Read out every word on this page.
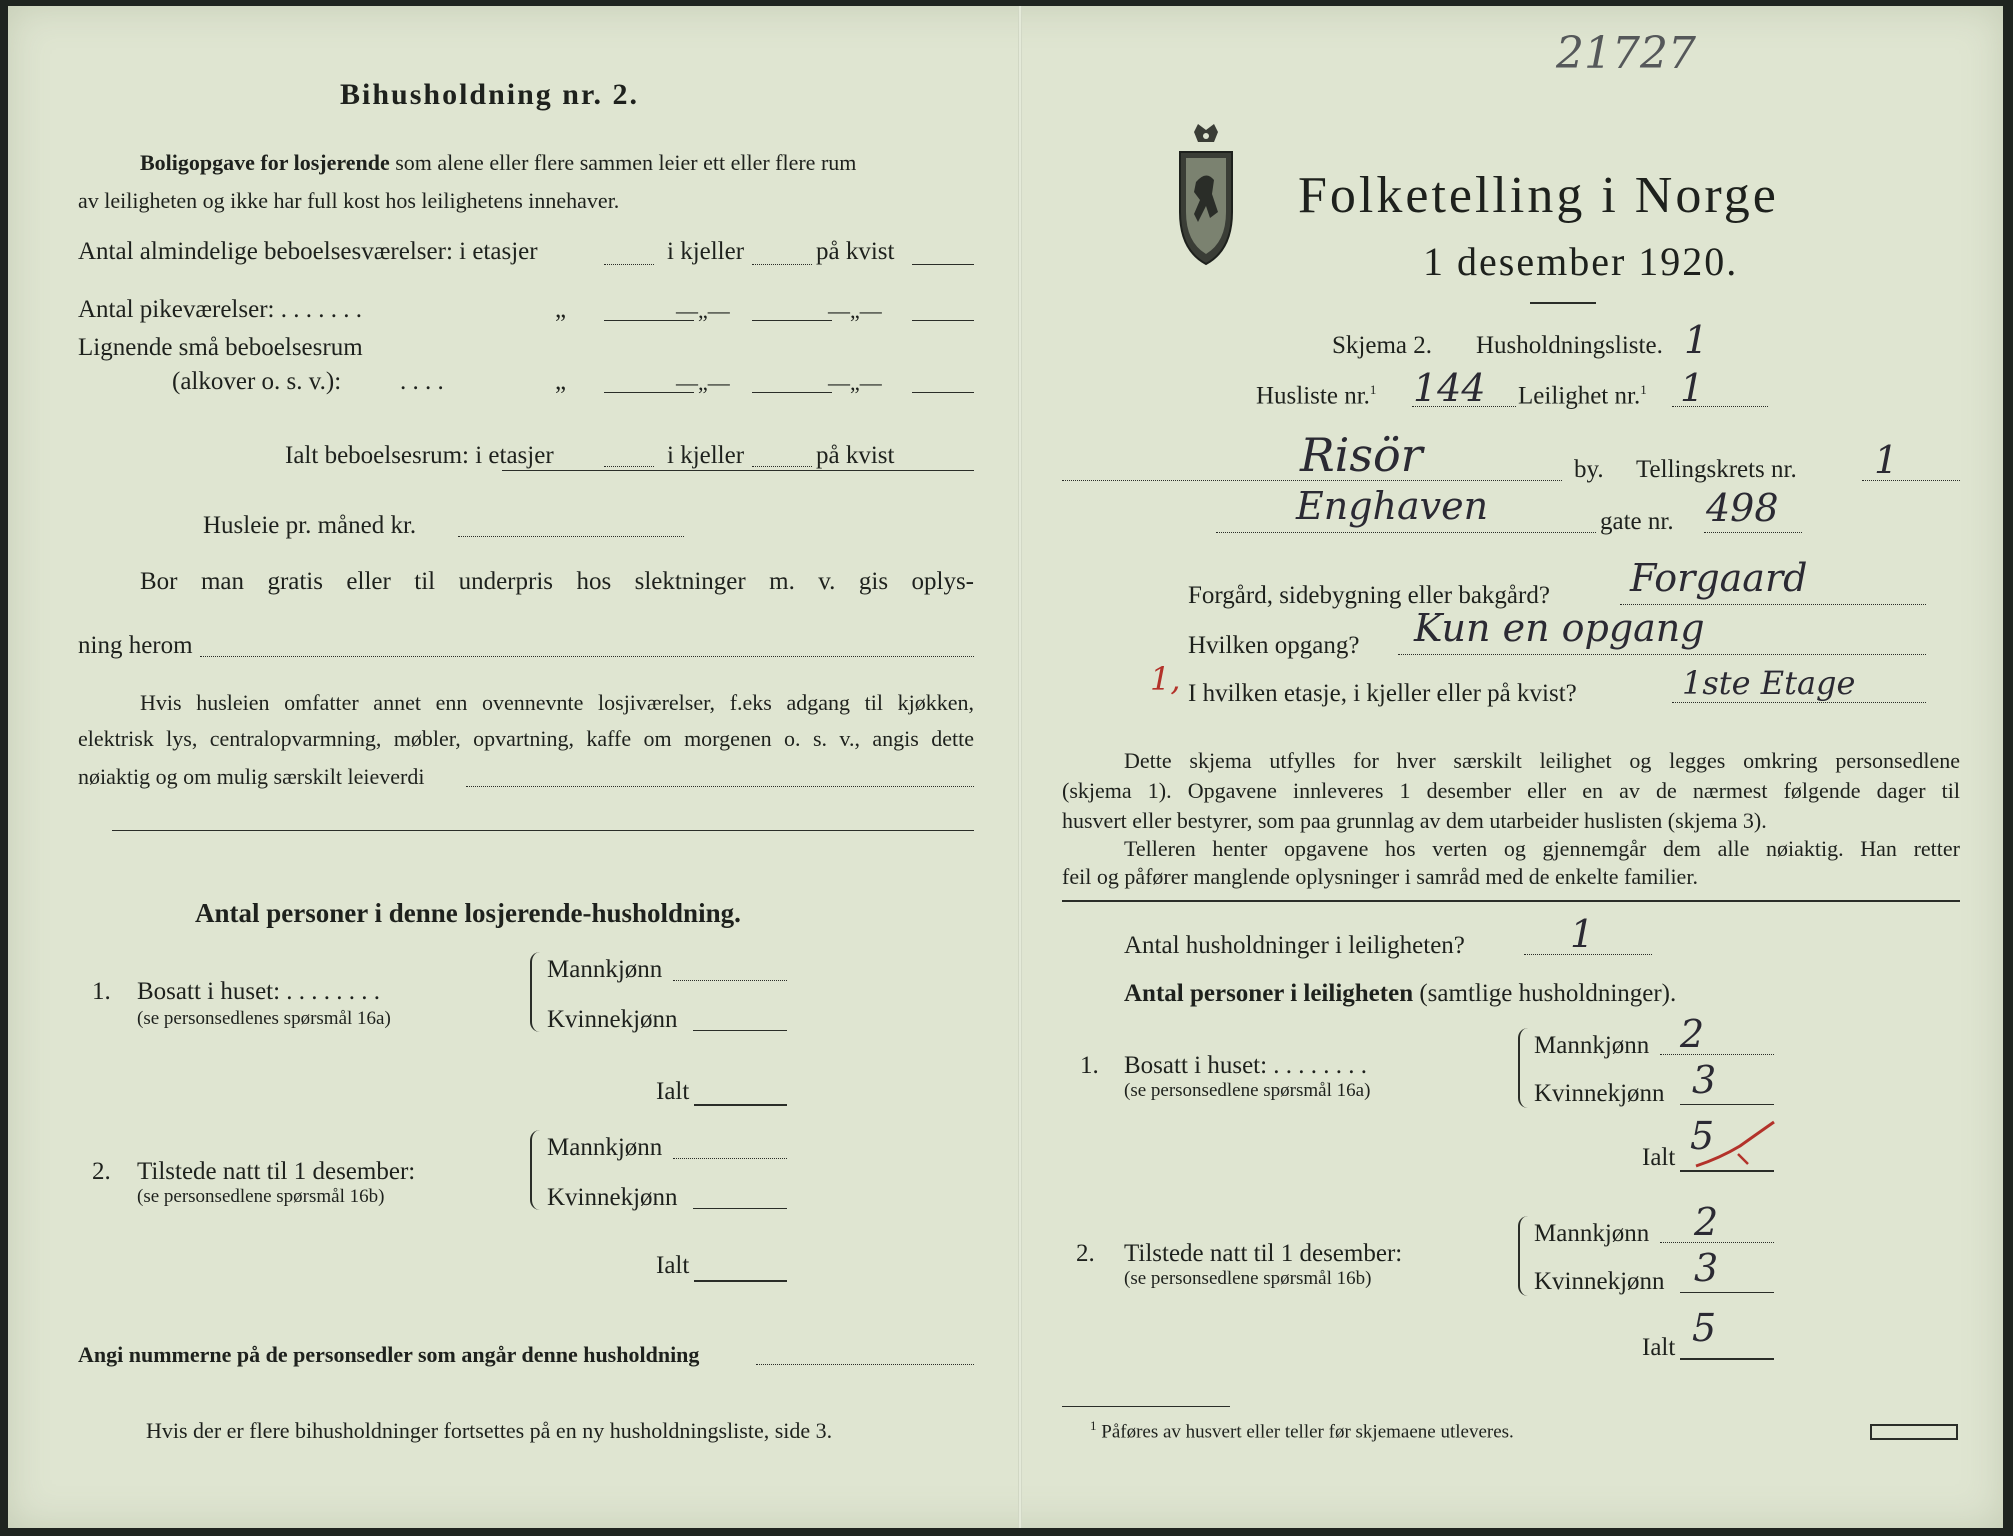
Bihusholdning nr. 2.
Boligopgave for losjerende som alene eller flere sammen leier ett eller flere rum
av leiligheten og ikke har full kost hos leilighetens innehaver.
Antal almindelige beboelsesværelser: i etasjer	i kjeller	på kvist
Antal pikeværelser: . . . . . . .	„	—„—	—„—
Lignende små beboelsesrum
(alkover o. s. v.): . . . .	„	—„—	—„—
Ialt beboelsesrum: i etasjer	i kjeller	på kvist
Husleie pr. måned kr.
Bor man gratis eller til underpris hos slektninger m. v. gis oplys-
ning herom
Hvis husleien omfatter annet enn ovennevnte losjiværelser, f.eks adgang til kjøkken,
elektrisk lys, centralopvarmning, møbler, opvartning, kaffe om morgenen o. s. v., angis dette
nøiaktig og om mulig særskilt leieverdi
Antal personer i denne losjerende-husholdning.
1. Bosatt i huset: . . . . . . . .
(se personsedlenes spørsmål 16a)
Mannkjønn
Kvinnekjønn
Ialt
2. Tilstede natt til 1 desember:
(se personsedlene spørsmål 16b)
Mannkjønn
Kvinnekjønn
Ialt
Angi nummerne på de personsedler som angår denne husholdning
Hvis der er flere bihusholdninger fortsettes på en ny husholdningsliste, side 3.
21727
Folketelling i Norge
1 desember 1920.
Skjema 2. Husholdningsliste. 1
Husliste nr.$^1$ 144 Leilighet nr.$^1$ 1
Risör	by. Tellingskrets nr. 1
Enghaven	gate nr. 498
Forgård, sidebygning eller bakgård? Forgaard
Hvilken opgang? Kun en opgang
1, I hvilken etasje, i kjeller eller på kvist?	1ste Etage
Dette skjema utfylles for hver særskilt leilighet og legges omkring personsedlene
(skjema 1). Opgavene innleveres 1 desember eller en av de nærmest følgende dager til
husvert eller bestyrer, som paa grunnlag av dem utarbeider huslisten (skjema 3).
Telleren henter opgavene hos verten og gjennemgår dem alle nøiaktig. Han retter
feil og påfører manglende oplysninger i samråd med de enkelte familier.
Antal husholdninger i leiligheten?	1
Antal personer i leiligheten (samtlige husholdninger).
1. Bosatt i huset: . . . . . . . .
(se personsedlene spørsmål 16a)
Mannkjønn 2
Kvinnekjønn 3
Ialt 5
2. Tilstede natt til 1 desember:
(se personsedlene spørsmål 16b)
Mannkjønn 2
Kvinnekjønn 3
Ialt 5
$^1$ Påføres av husvert eller teller før skjemaene utleveres.
